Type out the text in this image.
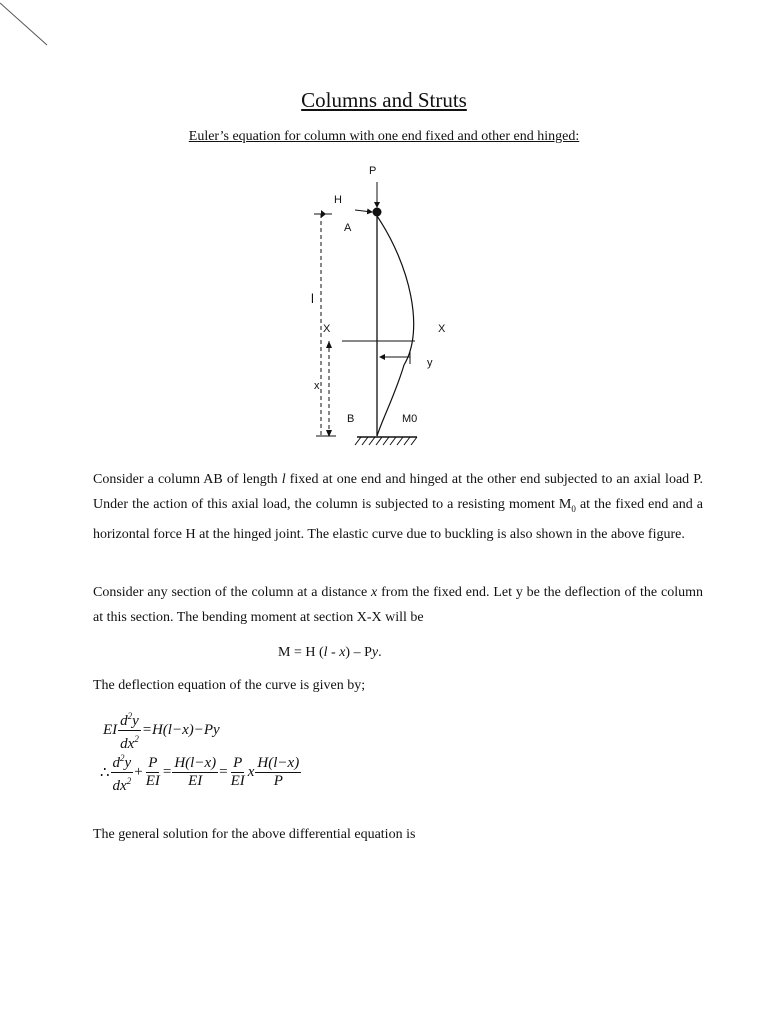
Columns and Struts
Euler’s equation for column with one end fixed and other end hinged:
P
H
A
l
X	X
y
x
B	M0

Consider a column AB of length l fixed at one end and hinged at the other end subjected to an axial load P. Under the action of this axial load, the column is subjected to a resisting moment $M_0$ at the fixed end and a horizontal force H at the hinged joint. The elastic curve due to buckling is also shown in the above figure.

Consider any section of the column at a distance x from the fixed end. Let y be the deflection of the column at this section. The bending moment at section X-X will be

M = H (l - x) – Py.
The deflection equation of the curve is given by;
EI $\frac{d^2y}{dx^2} =H(l-x)-Py$
∴ $\frac{d^2y}{dx^2} + \frac{P}{EI} = \frac{H(l-x)}{EI} = \frac{P}{EI}$ x $\frac{H(l-x)}{P}$
The general solution for the above differential equation is
